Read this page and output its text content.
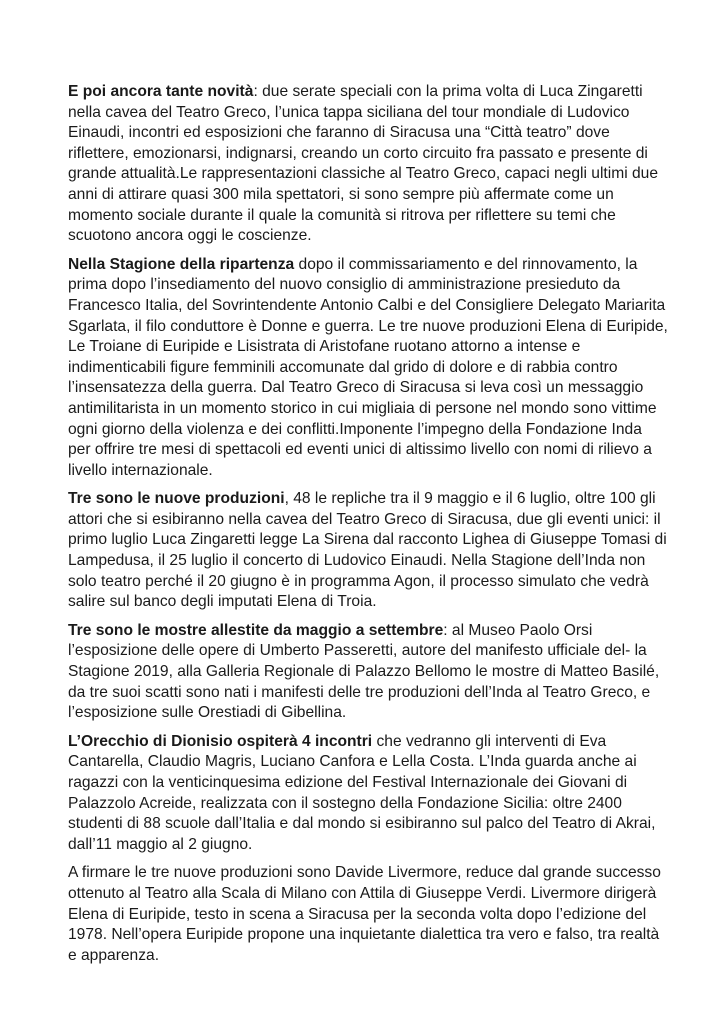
E poi ancora tante novità: due serate speciali con la prima volta di Luca Zingaretti nella cavea del Teatro Greco, l’unica tappa siciliana del tour mondiale di Ludovico Einaudi, incontri ed esposizioni che faranno di Siracusa una “Città teatro” dove riflettere, emozionarsi, indignarsi, creando un corto circuito fra passato e presente di grande attualità.Le rappresentazioni classiche al Teatro Greco, capaci negli ultimi due anni di attirare quasi 300 mila spettatori, si sono sempre più affermate come un momento sociale durante il quale la comunità si ritrova per riflettere su temi che scuotono ancora oggi le coscienze.

Nella Stagione della ripartenza dopo il commissariamento e del rinnovamento, la prima dopo l’insediamento del nuovo consiglio di amministrazione presieduto da Francesco Italia, del Sovrintendente Antonio Calbi e del Consigliere Delegato Mariarita Sgarlata, il filo conduttore è Donne e guerra. Le tre nuove produzioni Elena di Euripide, Le Troiane di Euripide e Lisistrata di Aristofane ruotano attorno a intense e indimenticabili figure femminili accomunate dal grido di dolore e di rabbia contro l’insensatezza della guerra. Dal Teatro Greco di Siracusa si leva così un messaggio antimilitarista in un momento storico in cui migliaia di persone nel mondo sono vittime ogni giorno della violenza e dei conflitti.Imponente l’impegno della Fondazione Inda per offrire tre mesi di spettacoli ed eventi unici di altissimo livello con nomi di rilievo a livello internazionale.

Tre sono le nuove produzioni, 48 le repliche tra il 9 maggio e il 6 luglio, oltre 100 gli attori che si esibiranno nella cavea del Teatro Greco di Siracusa, due gli eventi unici: il primo luglio Luca Zingaretti legge La Sirena dal racconto Lighea di Giuseppe Tomasi di Lampedusa, il 25 luglio il concerto di Ludovico Einaudi. Nella Stagione dell’Inda non solo teatro perché il 20 giugno è in programma Agon, il processo simulato che vedrà salire sul banco degli imputati Elena di Troia.

Tre sono le mostre allestite da maggio a settembre: al Museo Paolo Orsi l’esposizione delle opere di Umberto Passeretti, autore del manifesto ufficiale del- la Stagione 2019, alla Galleria Regionale di Palazzo Bellomo le mostre di Matteo Basilé, da tre suoi scatti sono nati i manifesti delle tre produzioni dell’Inda al Teatro Greco, e l’esposizione sulle Orestiadi di Gibellina.

L’Orecchio di Dionisio ospiterà 4 incontri che vedranno gli interventi di Eva Cantarella, Claudio Magris, Luciano Canfora e Lella Costa. L’Inda guarda anche ai ragazzi con la venticinquesima edizione del Festival Internazionale dei Giovani di Palazzolo Acreide, realizzata con il sostegno della Fondazione Sicilia: oltre 2400 studenti di 88 scuole dall’Italia e dal mondo si esibiranno sul palco del Teatro di Akrai, dall’11 maggio al 2 giugno.

A firmare le tre nuove produzioni sono Davide Livermore, reduce dal grande successo ottenuto al Teatro alla Scala di Milano con Attila di Giuseppe Verdi. Livermore dirigerà Elena di Euripide, testo in scena a Siracusa per la seconda volta dopo l’edizione del 1978. Nell’opera Euripide propone una inquietante dialettica tra vero e falso, tra realtà e apparenza.
